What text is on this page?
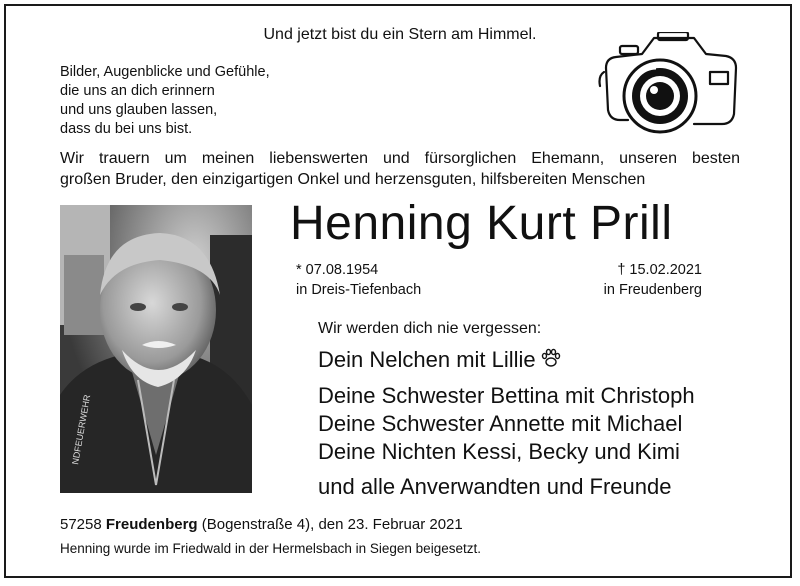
Und jetzt bist du ein Stern am Himmel.
Bilder, Augenblicke und Gefühle,
die uns an dich erinnern
und uns glauben lassen,
dass du bei uns bist.
Wir trauern um meinen liebenswerten und fürsorglichen Ehemann, unseren besten
großen Bruder, den einzigartigen Onkel und herzensguten, hilfsbereiten Menschen
NDFEUERWEHR
Henning Kurt Prill
* 07.08.1954
in Dreis-Tiefenbach
† 15.02.2021
in Freudenberg
Wir werden dich nie vergessen:
Dein Nelchen mit Lillie
Deine Schwester Bettina mit Christoph
Deine Schwester Annette mit Michael
Deine Nichten Kessi, Becky und Kimi
und alle Anverwandten und Freunde
57258 Freudenberg (Bogenstraße 4), den 23. Februar 2021
Henning wurde im Friedwald in der Hermelsbach in Siegen beigesetzt.
